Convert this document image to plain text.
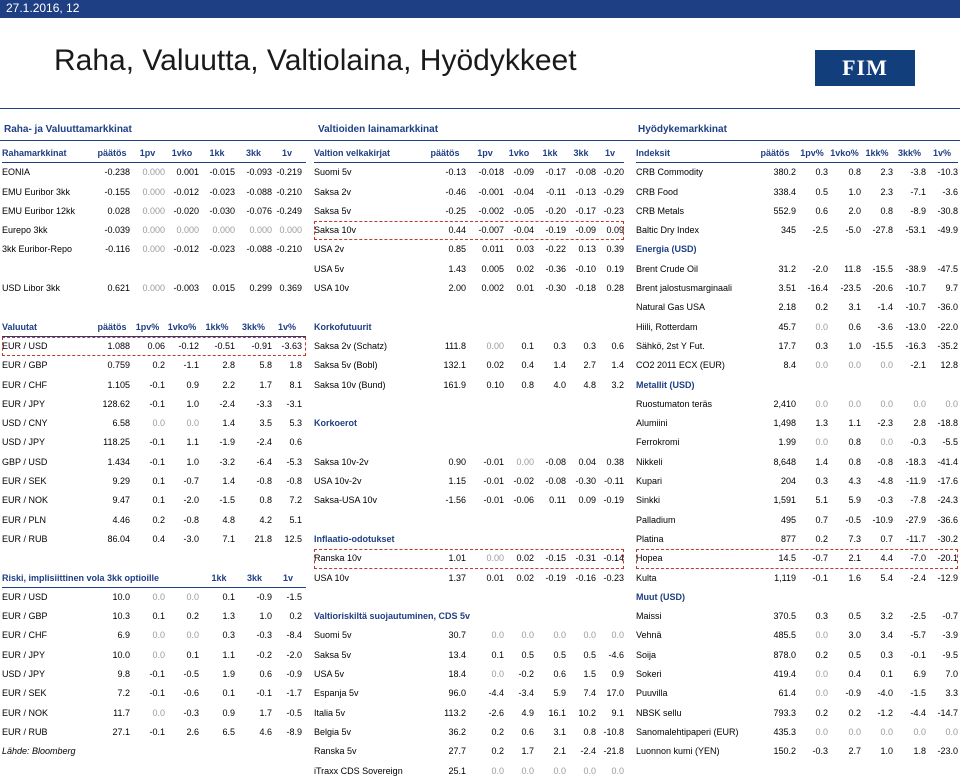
27.1.2016, 12
Raha, Valuutta, Valtiolaina, Hyödykkeet	FIM
Raha- ja Valuuttamarkkinat	Valtioiden lainamarkkinat	Hyödykemarkkinat
Rahamarkkinat	päätös	1pv	1vko	1kk	3kk	1v
EONIA	-0.238	0.000	0.001	-0.015	-0.093 -0.219
EMU Euribor 3kk	-0.155	0.000 -0.012	-0.023	-0.088 -0.210
EMU Euribor 12kk	0.028	0.000 -0.020	-0.030	-0.076 -0.249
Eurepo 3kk	-0.039	0.000	0.000	0.000	0.000 0.000
3kk Euribor-Repo	-0.116	0.000 -0.012	-0.023	-0.088 -0.210
USD Libor 3kk	0.621	0.000 -0.003	0.015	0.299 0.369
Valuutat	päätös	1pv% 1vko%	1kk%	3kk%	1v%
EUR / USD	1.088	0.06	-0.12	-0.51	-0.91	-3.63
EUR / GBP	0.759	0.2	-1.1	2.8	5.8	1.8
EUR / CHF	1.105	-0.1	0.9	2.2	1.7	8.1
EUR / JPY	128.62	-0.1	1.0	-2.4	-3.3	-3.1
USD / CNY	6.58	0.0	0.0	1.4	3.5	5.3
USD / JPY	118.25	-0.1	1.1	-1.9	-2.4	0.6
GBP / USD	1.434	-0.1	1.0	-3.2	-6.4	-5.3
EUR / SEK	9.29	0.1	-0.7	1.4	-0.8	-0.8
EUR / NOK	9.47	0.1	-2.0	-1.5	0.8	7.2
EUR / PLN	4.46	0.2	-0.8	4.8	4.2	5.1
EUR / RUB	86.04	0.4	-3.0	7.1	21.8	12.5
Riski, implisiittinen vola 3kk optioille	1kk	3kk	1v
EUR / USD	10.0	0.0	0.0	0.1	-0.9	-1.5
EUR / GBP	10.3	0.1	0.2	1.3	1.0	0.2
EUR / CHF	6.9	0.0	0.0	0.3	-0.3	-8.4
EUR / JPY	10.0	0.0	0.1	1.1	-0.2	-2.0
USD / JPY	9.8	-0.1	-0.5	1.9	0.6	-0.9
EUR / SEK	7.2	-0.1	-0.6	0.1	-0.1	-1.7
EUR / NOK	11.7	0.0	-0.3	0.9	1.7	-0.5
EUR / RUB	27.1	-0.1	2.6	6.5	4.6	-8.9
Lähde: Bloomberg
Valtion velkakirjat	päätös	1pv	1vko	1kk	3kk	1v
Suomi 5v	-0.13	-0.018	-0.09	-0.17	-0.08 -0.20
Saksa 2v	-0.46	-0.001	-0.04	-0.11	-0.13 -0.29
Saksa 5v	-0.25	-0.002	-0.05	-0.20	-0.17 -0.23
Saksa 10v	0.44	-0.007	-0.04	-0.19	-0.09	0.09
USA 2v	0.85	0.011	0.03	-0.22	0.13	0.39
USA 5v	1.43	0.005	0.02	-0.36	-0.10	0.19
USA 10v	2.00	0.002	0.01	-0.30	-0.18	0.28
Korkofutuurit
Saksa 2v (Schatz)	111.8	0.00	0.1	0.3	0.3	0.6
Saksa 5v (Bobl)	132.1	0.02	0.4	1.4	2.7	1.4
Saksa 10v (Bund)	161.9	0.10	0.8	4.0	4.8	3.2
Korkoerot
Saksa 10v-2v	0.90	-0.01	0.00	-0.08	0.04	0.38
USA 10v-2v	1.15	-0.01	-0.02	-0.08	-0.30 -0.11
Saksa-USA 10v	-1.56	-0.01	-0.06	0.11	0.09 -0.19
Inflaatio-odotukset
Ranska 10v	1.01	0.00	0.02	-0.15	-0.31 -0.14
USA 10v	1.37	0.01	0.02	-0.19	-0.16 -0.23
Valtioriskiltä suojautuminen, CDS 5v
Suomi 5v	30.7	0.0	0.0	0.0	0.0	0.0
Saksa 5v	13.4	0.1	0.5	0.5	0.5	-4.6
USA 5v	18.4	0.0	-0.2	0.6	1.5	0.9
Espanja 5v	96.0	-4.4	-3.4	5.9	7.4	17.0
Italia 5v	113.2	-2.6	4.9	16.1	10.2	9.1
Belgia 5v	36.2	0.2	0.6	3.1	0.8 -10.8
Ranska 5v	27.7	0.2	1.7	2.1	-2.4 -21.8
iTraxx CDS Sovereign	25.1	0.0	0.0	0.0	0.0	0.0
Indeksit	päätös	1pv% 1vko% 1kk%	3kk%	1v%
CRB Commodity	380.2	0.3	0.8	2.3	-3.8	-10.3
CRB Food	338.4	0.5	1.0	2.3	-7.1	-3.6
CRB Metals	552.9	0.6	2.0	0.8	-8.9	-30.8
Baltic Dry Index	345	-2.5	-5.0	-27.8	-53.1	-49.9
Energia (USD)
Brent Crude Oil	31.2	-2.0	11.8	-15.5	-38.9	-47.5
Brent jalostusmarginaali	3.51	-16.4	-23.5	-20.6	-10.7	9.7
Natural Gas USA	2.18	0.2	3.1	-1.4	-10.7	-36.0
Hiili, Rotterdam	45.7	0.0	0.6	-3.6	-13.0	-22.0
Sähkö, 2st Y Fut.	17.7	0.3	1.0	-15.5	-16.3	-35.2
CO2 2011 ECX (EUR)	8.4	0.0	0.0	0.0	-2.1	12.8
Metallit (USD)
Ruostumaton teräs	2,410	0.0	0.0	0.0	0.0	0.0
Alumiini	1,498	1.3	1.1	-2.3	2.8	-18.8
Ferrokromi	1.99	0.0	0.8	0.0	-0.3	-5.5
Nikkeli	8,648	1.4	0.8	-0.8	-18.3	-41.4
Kupari	204	0.3	4.3	-4.8	-11.9	-17.6
Sinkki	1,591	5.1	5.9	-0.3	-7.8	-24.3
Palladium	495	0.7	-0.5	-10.9	-27.9	-36.6
Platina	877	0.2	7.3	0.7	-11.7	-30.2
Hopea	14.5	-0.7	2.1	4.4	-7.0	-20.1
Kulta	1,119	-0.1	1.6	5.4	-2.4	-12.9
Muut (USD)
Maissi	370.5	0.3	0.5	3.2	-2.5	-0.7
Vehnä	485.5	0.0	3.0	3.4	-5.7	-3.9
Soija	878.0	0.2	0.5	0.3	-0.1	-9.5
Sokeri	419.4	0.0	0.4	0.1	6.9	7.0
Puuvilla	61.4	0.0	-0.9	-4.0	-1.5	3.3
NBSK sellu	793.3	0.2	0.2	-1.2	-4.4	-14.7
Sanomalehtipaperi (EUR)	435.3	0.0	0.0	0.0	0.0	0.0
Luonnon kumi (YEN)	150.2	-0.3	2.7	1.0	1.8	-23.0
